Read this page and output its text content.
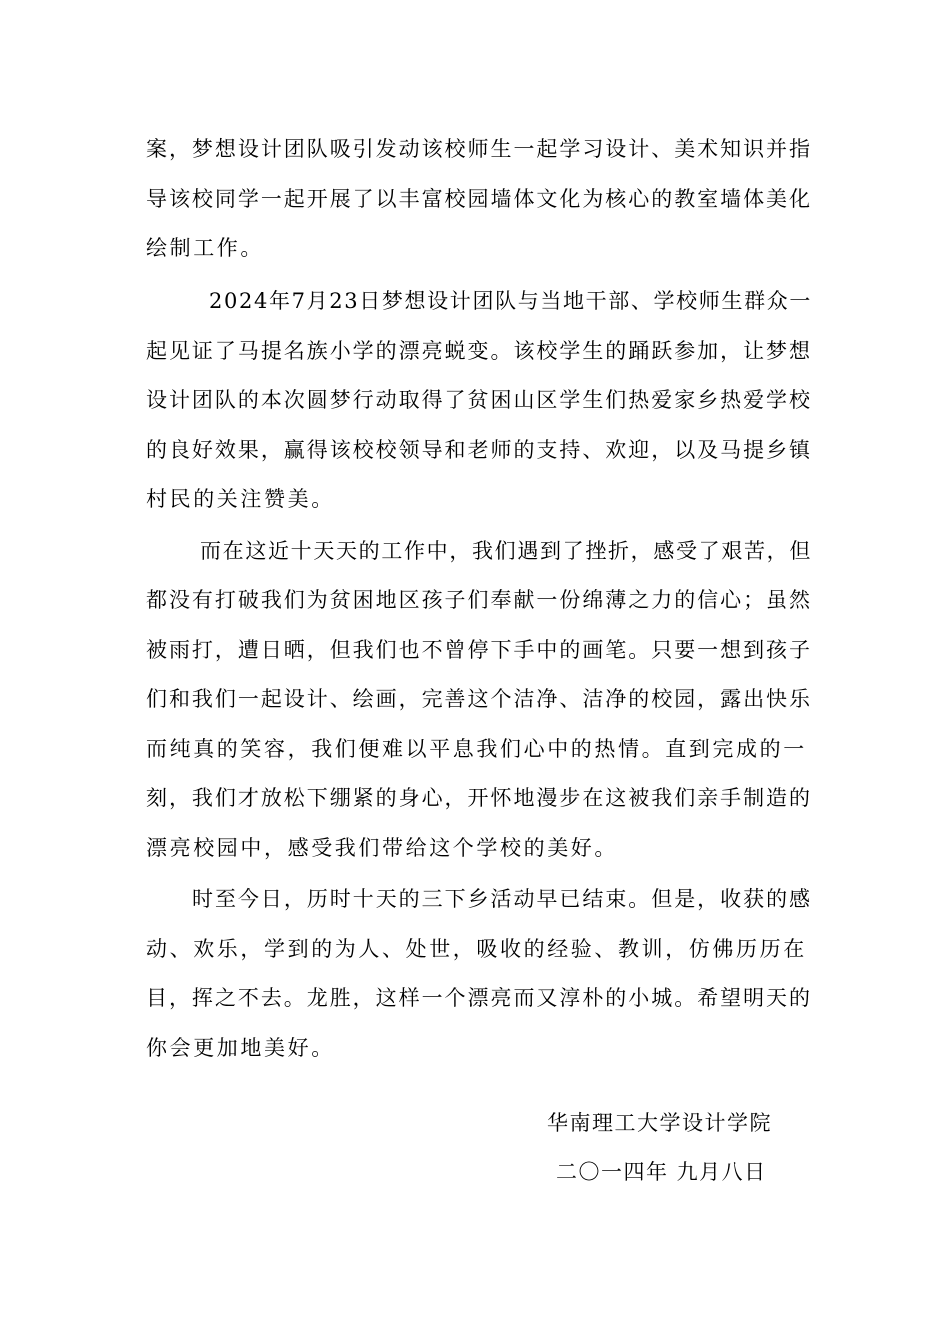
案，梦想设计团队吸引发动该校师生一起学习设计、美术知识并指
导该校同学一起开展了以丰富校园墙体文化为核心的教室墙体美化
绘制工作。
2024年7月23日梦想设计团队与当地干部、学校师生群众一
起见证了马提名族小学的漂亮蜕变。该校学生的踊跃参加，让梦想
设计团队的本次圆梦行动取得了贫困山区学生们热爱家乡热爱学校
的良好效果，赢得该校校领导和老师的支持、欢迎，以及马提乡镇
村民的关注赞美。
而在这近十天天的工作中，我们遇到了挫折，感受了艰苦，但
都没有打破我们为贫困地区孩子们奉献一份绵薄之力的信心；虽然
被雨打，遭日晒，但我们也不曾停下手中的画笔。只要一想到孩子
们和我们一起设计、绘画，完善这个洁净、洁净的校园，露出快乐
而纯真的笑容，我们便难以平息我们心中的热情。直到完成的一
刻，我们才放松下绷紧的身心，开怀地漫步在这被我们亲手制造的
漂亮校园中，感受我们带给这个学校的美好。
时至今日，历时十天的三下乡活动早已结束。但是，收获的感
动、欢乐，学到的为人、处世，吸收的经验、教训，仿佛历历在
目，挥之不去。龙胜，这样一个漂亮而又淳朴的小城。希望明天的
你会更加地美好。
华南理工大学设计学院
二〇一四年 九月八日
